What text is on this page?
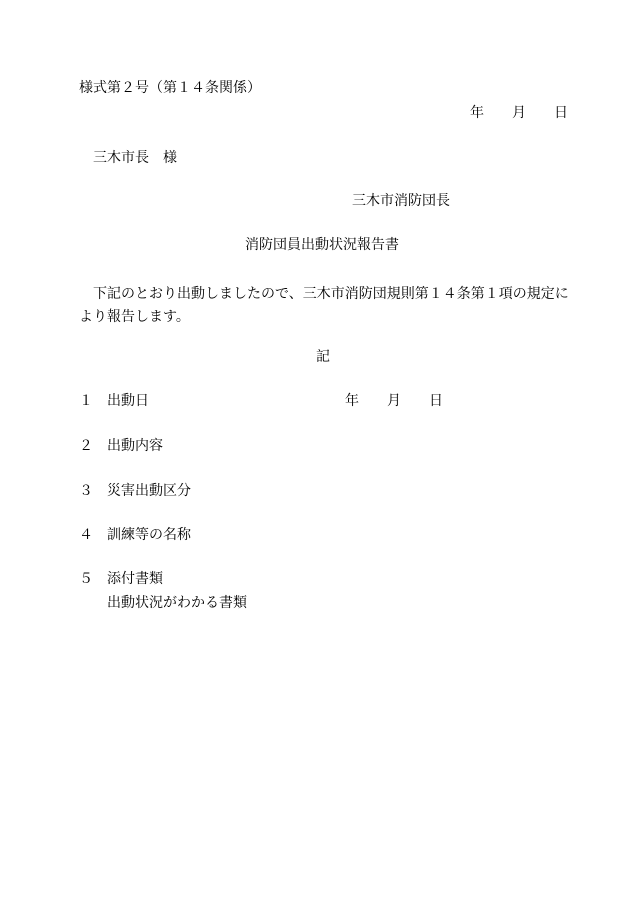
様式第２号（第１４条関係）
年 月 日
三木市長　様
三木市消防団長
消防団員出動状況報告書
下記のとおり出動しましたので、三木市消防団規則第１４条第１項の規定により報告します。
記
１ 出動日	年 月 日
２ 出動内容
３ 災害出動区分
４ 訓練等の名称
５ 添付書類
出動状況がわかる書類
